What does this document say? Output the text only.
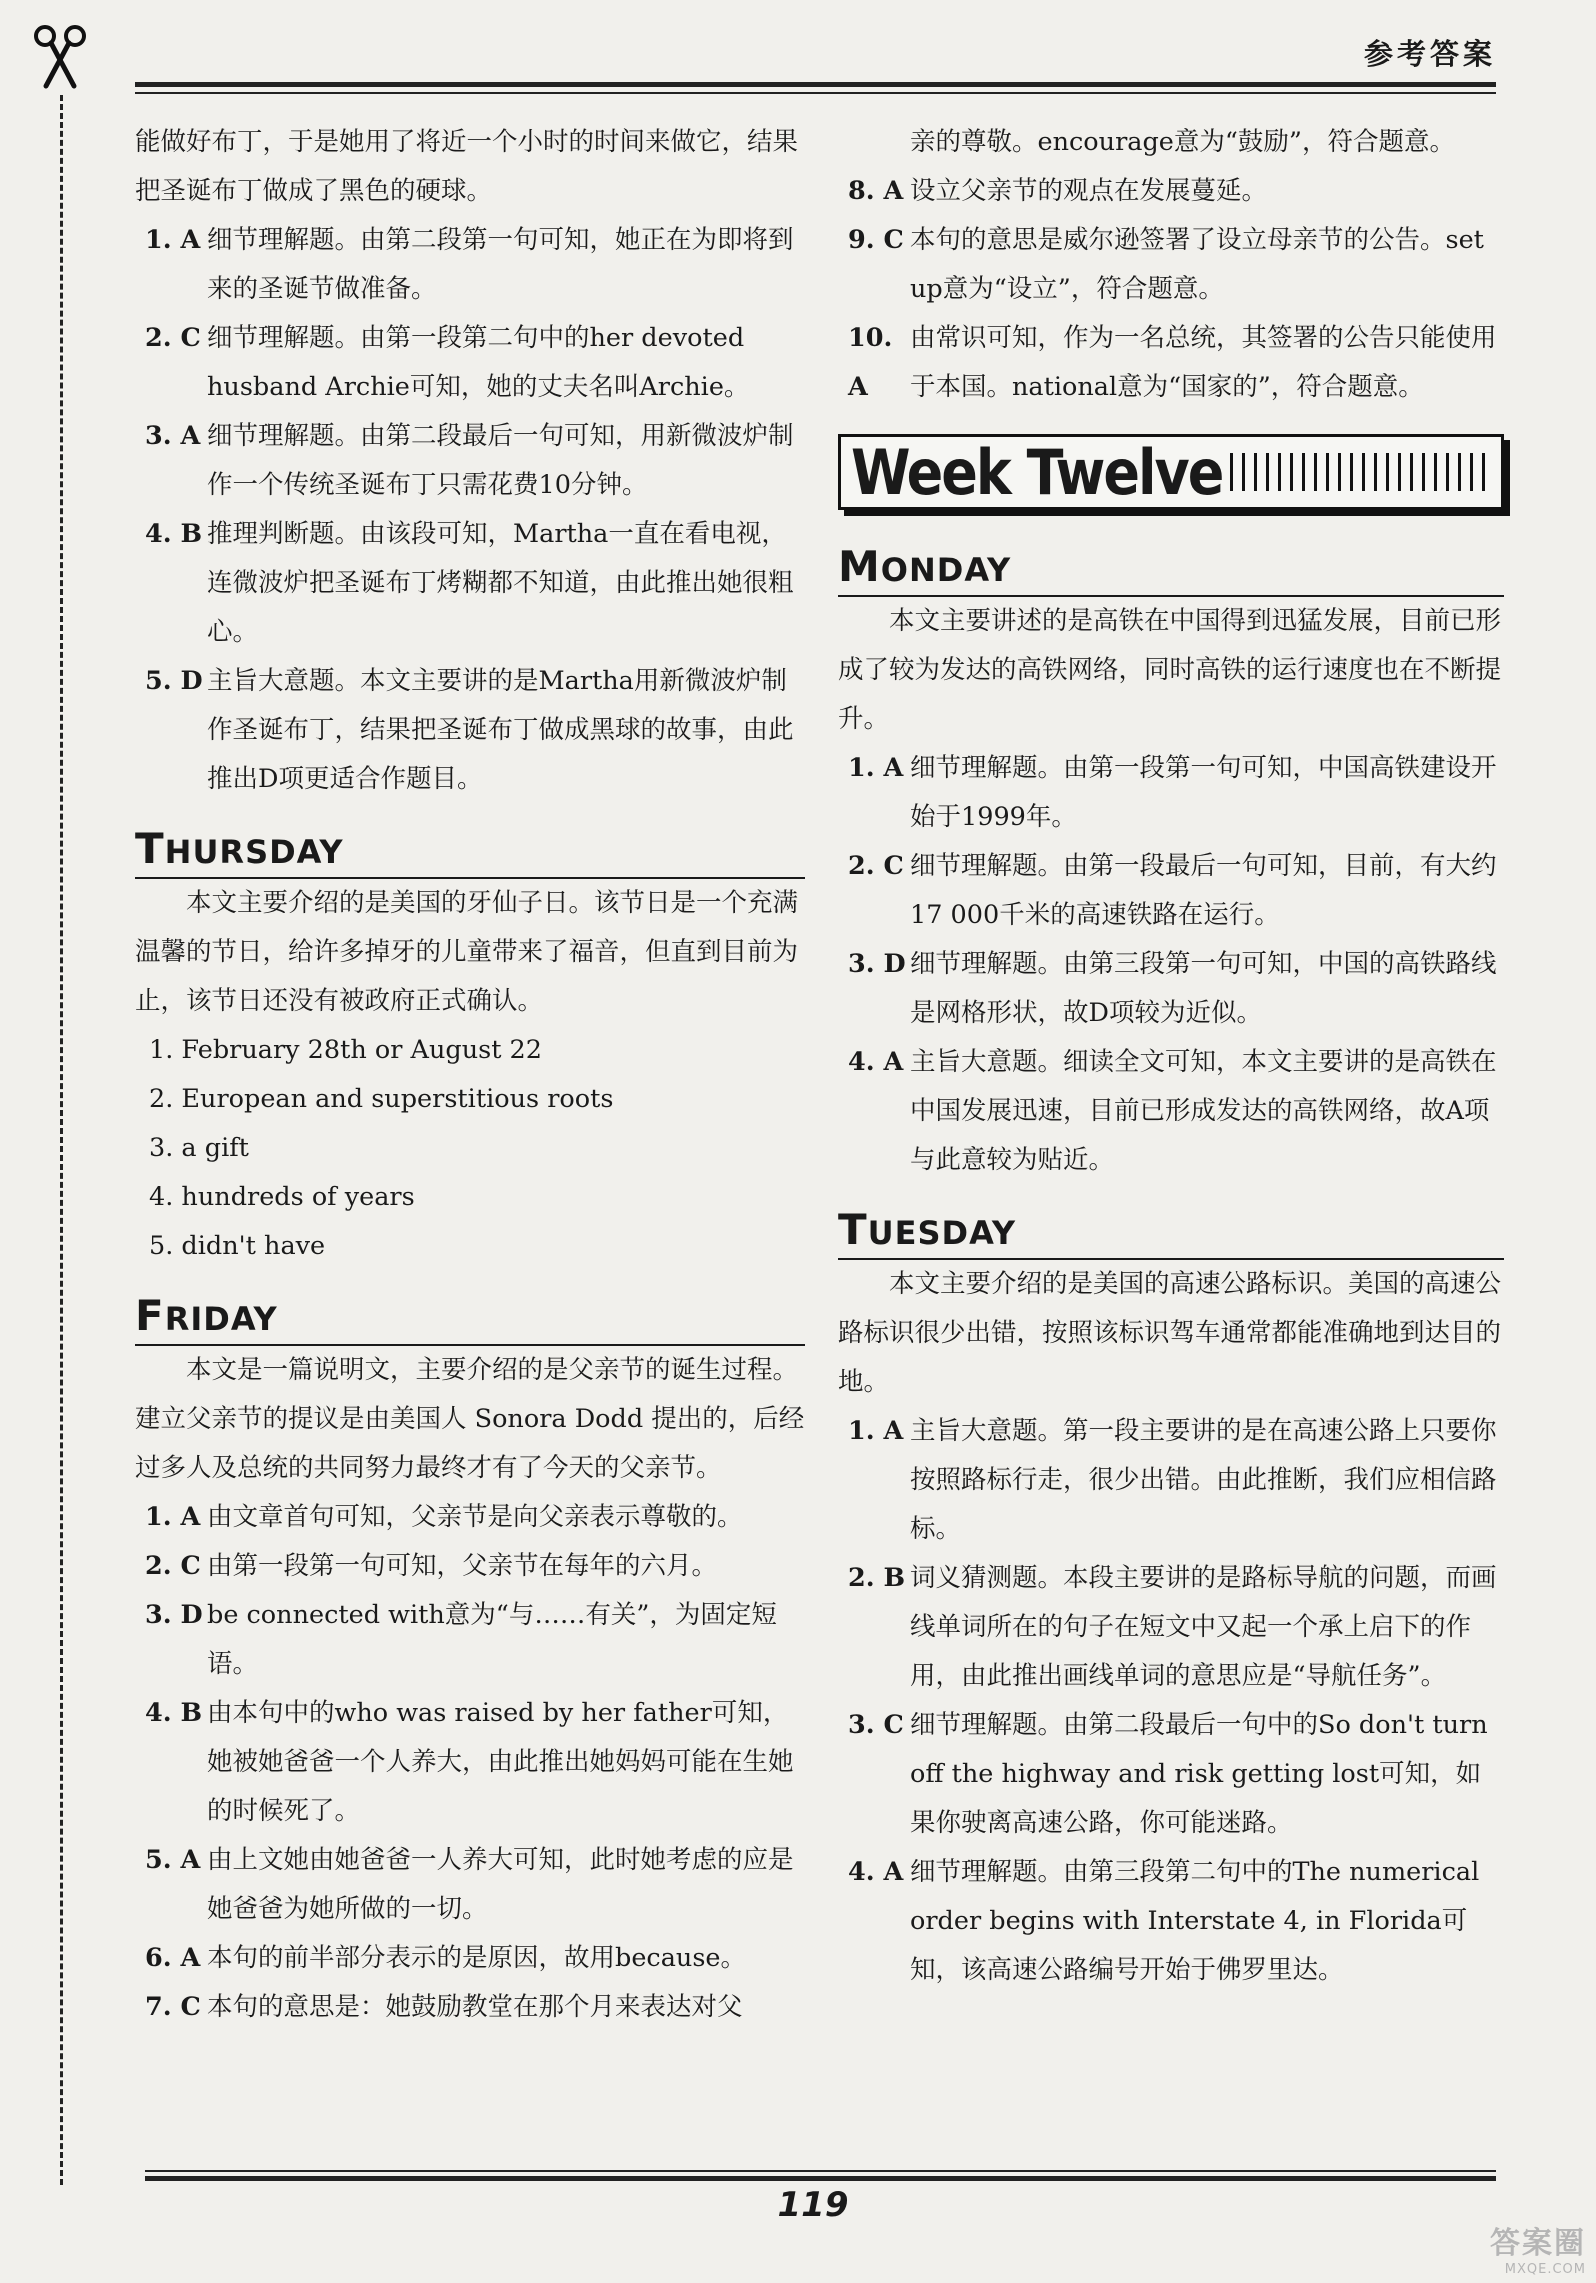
参考答案

能做好布丁，于是她用了将近一个小时的时间来做它，结果把圣诞布丁做成了黑色的硬球。

1. A 细节理解题。由第二段第一句可知，她正在为即将到来的圣诞节做准备。
2. C 细节理解题。由第一段第二句中的her devoted husband Archie可知，她的丈夫名叫Archie。
3. A 细节理解题。由第二段最后一句可知，用新微波炉制作一个传统圣诞布丁只需花费10分钟。
4. B 推理判断题。由该段可知，Martha一直在看电视，连微波炉把圣诞布丁烤糊都不知道，由此推出她很粗心。
5. D 主旨大意题。本文主要讲的是Martha用新微波炉制作圣诞布丁，结果把圣诞布丁做成黑球的故事，由此推出D项更适合作题目。
THURSDAY

本文主要介绍的是美国的牙仙子日。该节日是一个充满温馨的节日，给许多掉牙的儿童带来了福音，但直到目前为止，该节日还没有被政府正式确认。

1. February 28th or August 22
2. European and superstitious roots
3. a gift
4. hundreds of years
5. didn't have
FRIDAY

本文是一篇说明文，主要介绍的是父亲节的诞生过程。建立父亲节的提议是由美国人 Sonora Dodd 提出的，后经过多人及总统的共同努力最终才有了今天的父亲节。

1. A 由文章首句可知，父亲节是向父亲表示尊敬的。
2. C 由第一段第一句可知，父亲节在每年的六月。
3. D be connected with意为“与……有关”，为固定短语。
4. B 由本句中的who was raised by her father可知，她被她爸爸一个人养大，由此推出她妈妈可能在生她的时候死了。
5. A 由上文她由她爸爸一人养大可知，此时她考虑的应是她爸爸为她所做的一切。
6. A 本句的前半部分表示的是原因，故用because。
7. C 本句的意思是：她鼓励教堂在那个月来表达对父

亲的尊敬。encourage意为“鼓励”，符合题意。

8. A 设立父亲节的观点在发展蔓延。
9. C 本句的意思是威尔逊签署了设立母亲节的公告。set up意为“设立”，符合题意。
10. A
由常识可知，作为一名总统，其签署的公告只能使用于本国。national意为“国家的”，符合题意。
Week Twelve
MONDAY

本文主要讲述的是高铁在中国得到迅猛发展，目前已形成了较为发达的高铁网络，同时高铁的运行速度也在不断提升。

1. A 细节理解题。由第一段第一句可知，中国高铁建设开始于1999年。
2. C 细节理解题。由第一段最后一句可知，目前，有大约17 000千米的高速铁路在运行。
3. D 细节理解题。由第三段第一句可知，中国的高铁路线是网格形状，故D项较为近似。
4. A 主旨大意题。细读全文可知，本文主要讲的是高铁在中国发展迅速，目前已形成发达的高铁网络，故A项与此意较为贴近。
TUESDAY

本文主要介绍的是美国的高速公路标识。美国的高速公路标识很少出错，按照该标识驾车通常都能准确地到达目的地。

1. A 主旨大意题。第一段主要讲的是在高速公路上只要你按照路标行走，很少出错。由此推断，我们应相信路标。
2. B 词义猜测题。本段主要讲的是路标导航的问题，而画线单词所在的句子在短文中又起一个承上启下的作用，由此推出画线单词的意思应是“导航任务”。
3. C 细节理解题。由第二段最后一句中的So don't turn off the highway and risk getting lost可知，如果你驶离高速公路，你可能迷路。
4. A 细节理解题。由第三段第二句中的The numerical order begins with Interstate 4, in Florida可知，该高速公路编号开始于佛罗里达。
119
答案圈
MXQE.COM
